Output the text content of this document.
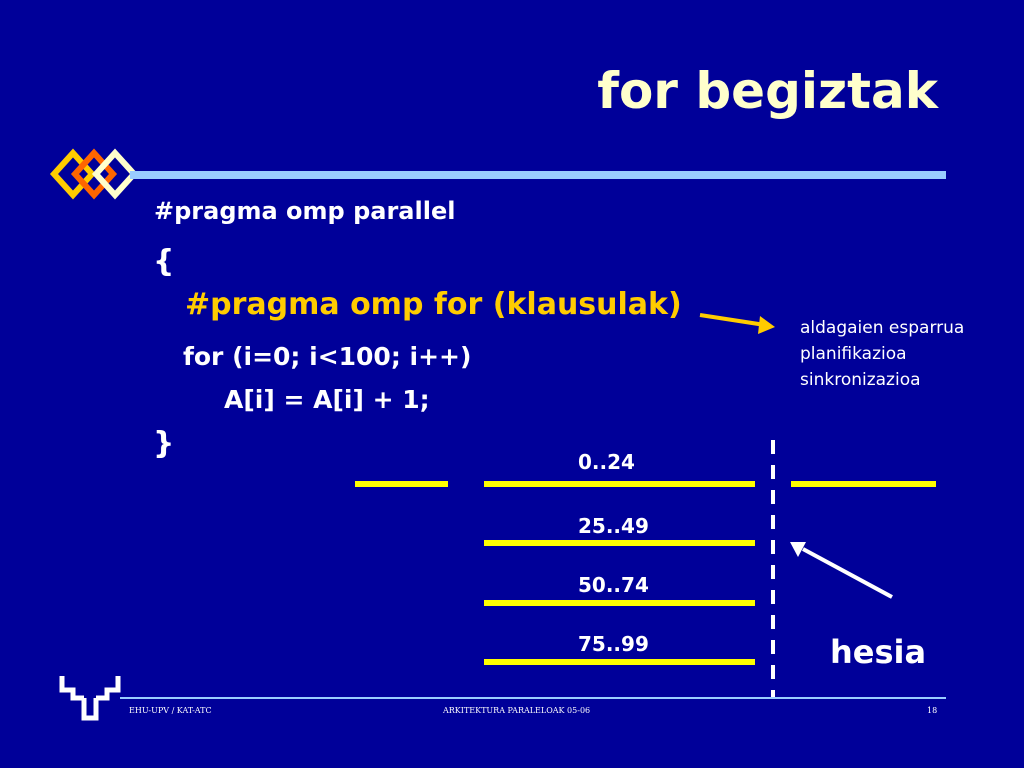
for begiztak
#pragma omp parallel
{
#pragma omp for (klausulak)
for (i=0; i<100; i++)
A[i] = A[i] + 1;
}
aldagaien esparrua
planifikazioa
sinkronizazioa
0..24
25..49
50..74
75..99	hesia
EHU-UPV / KAT-ATC	ARKITEKTURA PARALELOAK 05-06	18
